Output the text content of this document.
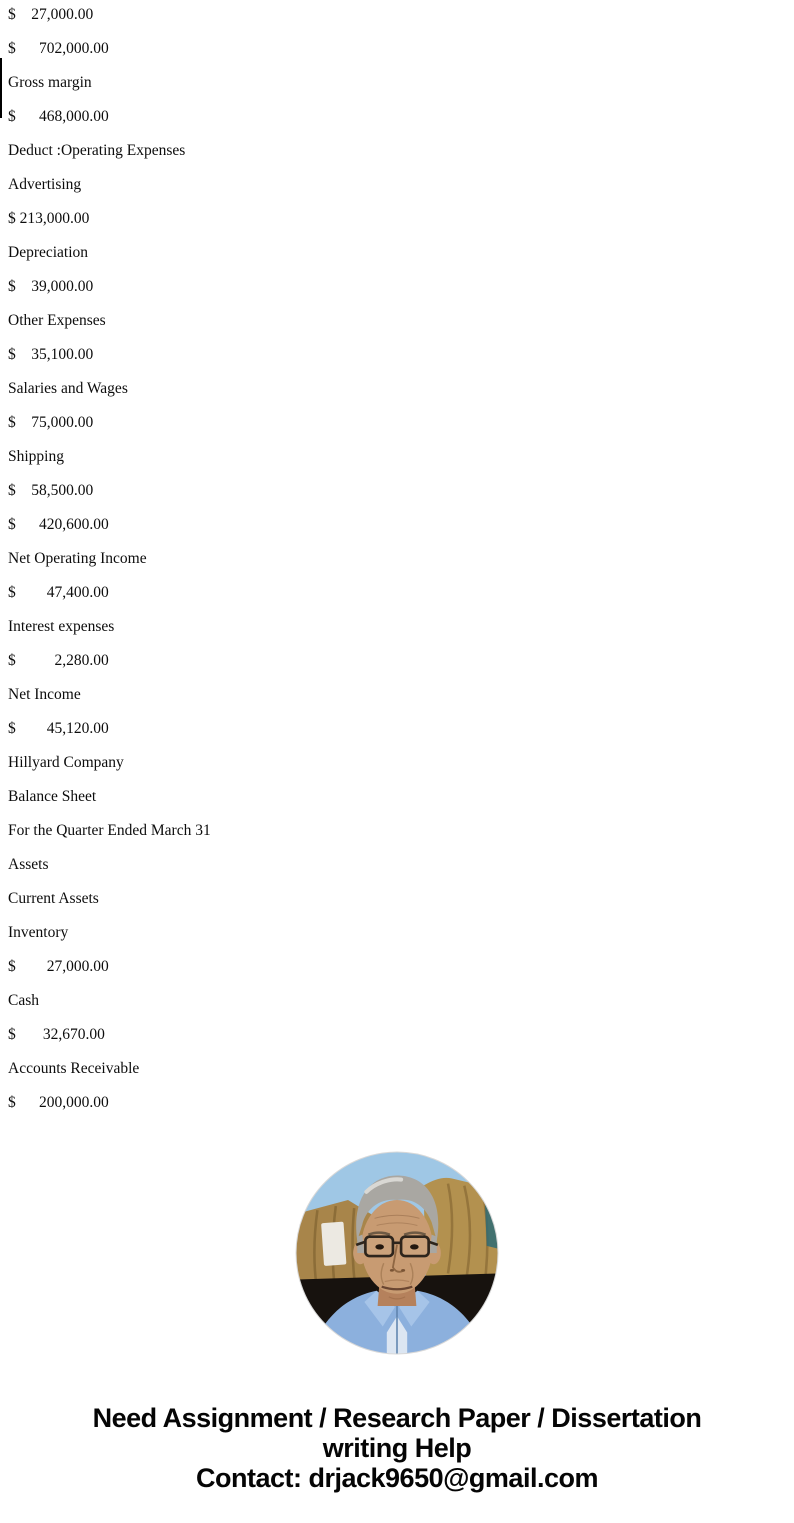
$    27,000.00

$      702,000.00

Gross margin

$      468,000.00

Deduct :Operating Expenses

Advertising

$ 213,000.00

Depreciation

$    39,000.00

Other Expenses

$    35,100.00

Salaries and Wages

$    75,000.00

Shipping

$    58,500.00

$      420,600.00

Net Operating Income

$        47,400.00

Interest expenses

$          2,280.00

Net Income

$        45,120.00

Hillyard Company

Balance Sheet

For the Quarter Ended March 31

Assets

Current Assets

Inventory

$        27,000.00

Cash

$       32,670.00

Accounts Receivable

$      200,000.00

Need Assignment / Research Paper / Dissertation
writing Help
Contact: drjack9650@gmail.com
